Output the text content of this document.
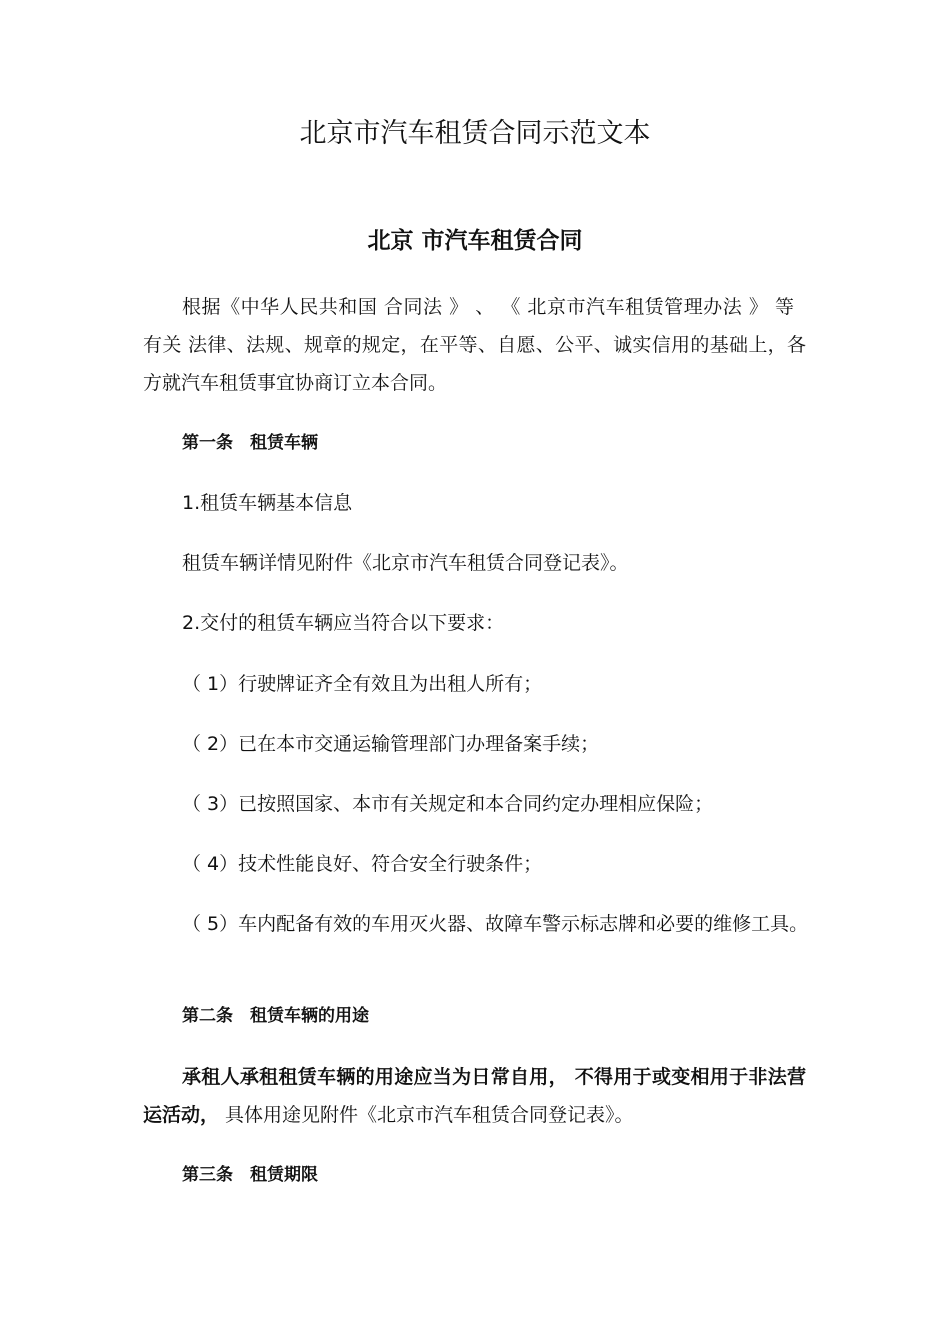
北京市汽车租赁合同示范文本
北京 市汽车租赁合同
根据《中华人民共和国 合同法 》 、 《 北京市汽车租赁管理办法 》 等
有关 法律、法规、规章的规定，在平等、自愿、公平、诚实信用的基础上，各
方就汽车租赁事宜协商订立本合同。
第一条　租赁车辆
1.租赁车辆基本信息
租赁车辆详情见附件《北京市汽车租赁合同登记表》。
2.交付的租赁车辆应当符合以下要求：
（ 1）行驶牌证齐全有效且为出租人所有；
（ 2）已在本市交通运输管理部门办理备案手续；
（ 3）已按照国家、本市有关规定和本合同约定办理相应保险；
（ 4）技术性能良好、符合安全行驶条件；
（ 5）车内配备有效的车用灭火器、故障车警示标志牌和必要的维修工具。
第二条　租赁车辆的用途
承租人承租租赁车辆的用途应当为日常自用， 不得用于或变相用于非法营
运活动， 具体用途见附件《北京市汽车租赁合同登记表》。
第三条　租赁期限
